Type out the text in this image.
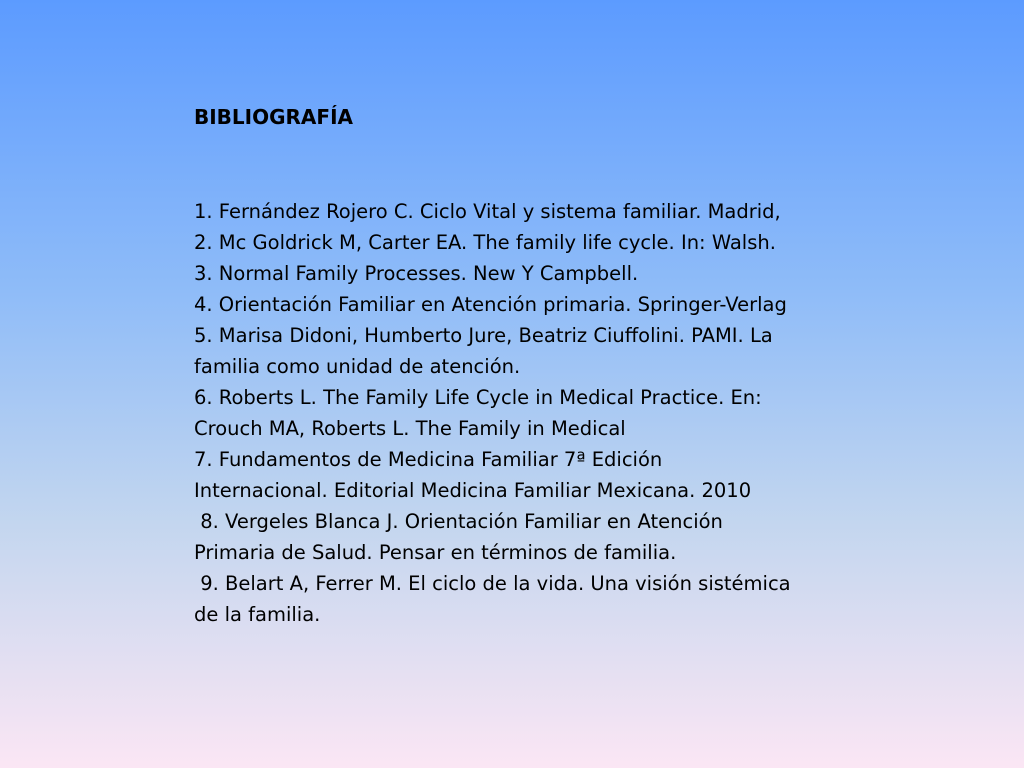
BIBLIOGRAFÍA
1. Fernández Rojero C. Ciclo Vital y sistema familiar. Madrid,
2. Mc Goldrick M, Carter EA. The family life cycle. In: Walsh.
3. Normal Family Processes. New Y Campbell.
4. Orientación Familiar en Atención primaria. Springer-Verlag
5. Marisa Didoni, Humberto Jure, Beatriz Ciuffolini. PAMI. La
familia como unidad de atención.
6. Roberts L. The Family Life Cycle in Medical Practice. En:
Crouch MA, Roberts L. The Family in Medical
7. Fundamentos de Medicina Familiar 7ª Edición
Internacional. Editorial Medicina Familiar Mexicana. 2010
8. Vergeles Blanca J. Orientación Familiar en Atención
Primaria de Salud. Pensar en términos de familia.
9. Belart A, Ferrer M. El ciclo de la vida. Una visión sistémica
de la familia.
